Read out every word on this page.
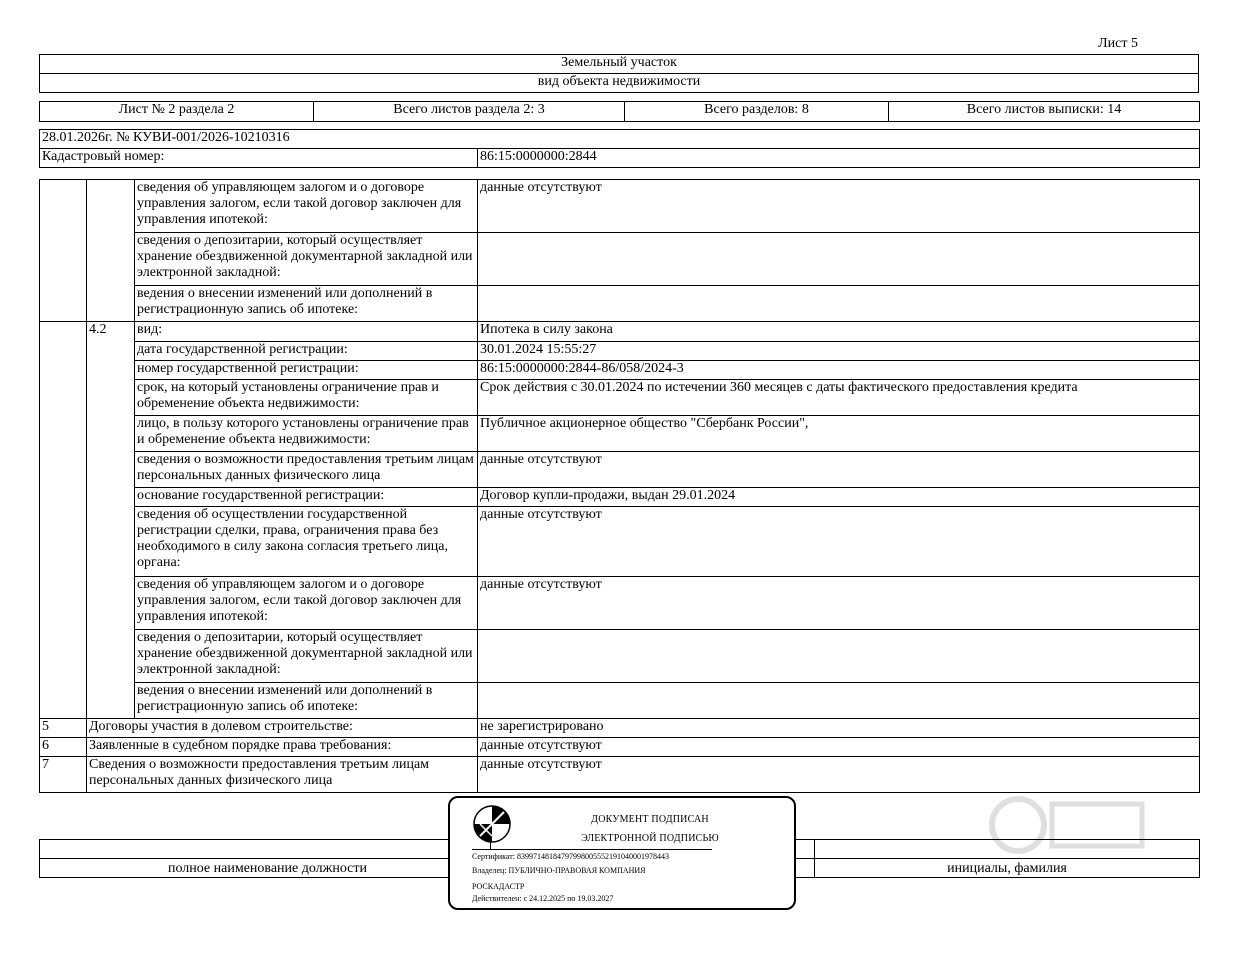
Лист 5
Земельный участок
вид объекта недвижимости
Лист № 2 раздела 2	Всего листов раздела 2: 3	Всего разделов: 8	Всего листов выписки: 14
28.01.2026г. № КУВИ-001/2026-10210316
Кадастровый номер:	86:15:0000000:2844
		сведения об управляющем залогом и о договоре управления залогом, если такой договор заключен для управления ипотекой:	данные отсутствуют
		сведения о депозитарии, который осуществляет хранение обездвиженной документарной закладной или электронной закладной:	
		ведения о внесении изменений или дополнений в регистрационную запись об ипотеке:	
	4.2	вид:	Ипотека в силу закона
		дата государственной регистрации:	30.01.2024 15:55:27
		номер государственной регистрации:	86:15:0000000:2844-86/058/2024-3
		срок, на который установлены ограничение прав и обременение объекта недвижимости:	Срок действия с 30.01.2024 по истечении 360 месяцев с даты фактического предоставления кредита
		лицо, в пользу которого установлены ограничение прав и обременение объекта недвижимости:	Публичное акционерное общество "Сбербанк России",
		сведения о возможности предоставления третьим лицам персональных данных физического лица	данные отсутствуют
		основание государственной регистрации:	Договор купли-продажи, выдан 29.01.2024
		сведения об осуществлении государственной регистрации сделки, права, ограничения права без необходимого в силу закона согласия третьего лица, органа:	данные отсутствуют
		сведения об управляющем залогом и о договоре управления залогом, если такой договор заключен для управления ипотекой:	данные отсутствуют
		сведения о депозитарии, который осуществляет хранение обездвиженной документарной закладной или электронной закладной:	
		ведения о внесении изменений или дополнений в регистрационную запись об ипотеке:	
5	Договоры участия в долевом строительстве:		не зарегистрировано
6	Заявленные в судебном порядке права требования:		данные отсутствуют
7	Сведения о возможности предоставления третьим лицам персональных данных физического лица		данные отсутствуют

полное наименование должности		инициалы, фамилия
ДОКУМЕНТ ПОДПИСАН
ЭЛЕКТРОННОЙ ПОДПИСЬЮ
Сертификат: 839971481847979980055521910400019784​43
Владелец: ПУБЛИЧНО-ПРАВОВАЯ КОМПАНИЯ
РОСКАДАСТР
Действителен: с 24.12.2025 по 19.03.2027
